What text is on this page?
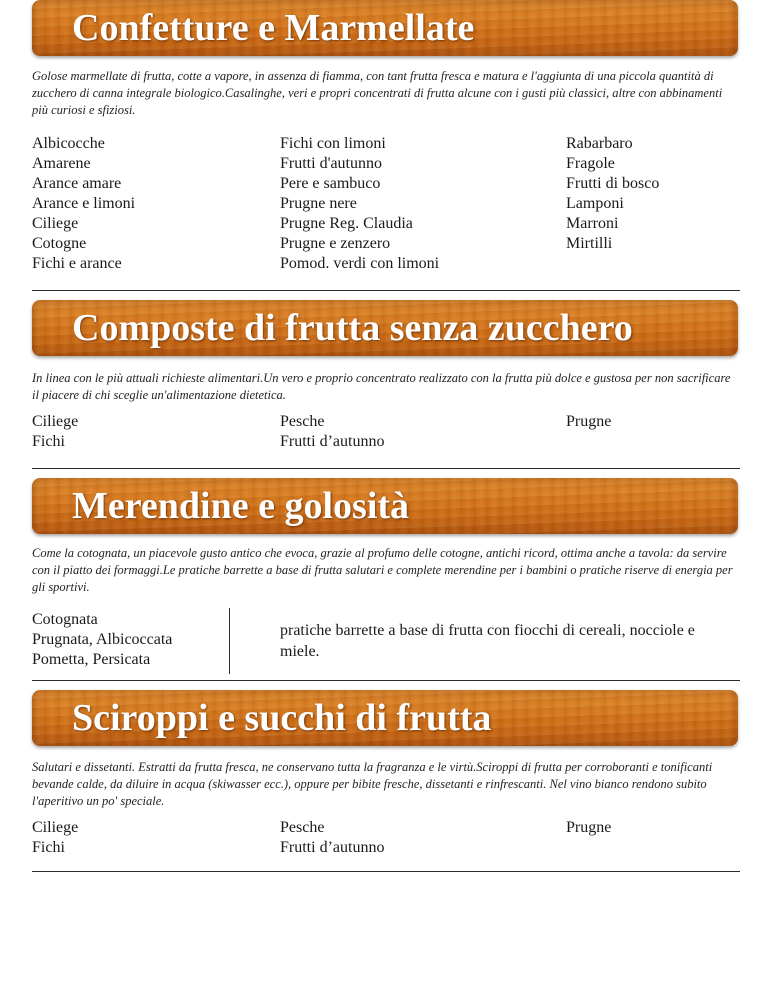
Confetture e Marmellate

Golose marmellate di frutta, cotte a vapore, in assenza di fiamma, con tant frutta fresca e matura e l'aggiunta di una piccola quantità di zucchero di canna integrale biologico.Casalinghe, veri e propri concentrati di frutta alcune con i gusti più classici, altre con abbinamenti più curiosi e sfiziosi.

Albicocche
Amarene
Arance amare
Arance e limoni
Ciliege
Cotogne
Fichi e arance
Fichi con limoni
Frutti d'autunno
Pere e sambuco
Prugne nere
Prugne Reg. Claudia
Prugne e zenzero
Pomod. verdi con limoni
Rabarbaro
Fragole
Frutti di bosco
Lamponi
Marroni
Mirtilli
Composte di frutta senza zucchero

In linea con le più attuali richieste alimentari.Un vero e proprio concentrato realizzato con la frutta più dolce e gustosa per non sacrificare il piacere di chi sceglie un'alimentazione dietetica.

Ciliege
Fichi
Pesche
Frutti d’autunno
Prugne
Merendine e golosità

Come la cotognata, un piacevole gusto antico che evoca, grazie al profumo delle cotogne, antichi ricord, ottima anche a tavola: da servire con il piatto dei formaggi.Le pratiche barrette a base di frutta salutari e complete merendine per i bambini o pratiche riserve di energia per gli sportivi.

Cotognata
Prugnata, Albicoccata
Pometta, Persicata

pratiche barrette a base di frutta con fiocchi di cereali, nocciole e miele.

Sciroppi e succhi di frutta

Salutari e dissetanti. Estratti da frutta fresca, ne conservano tutta la fragranza e le virtù.Sciroppi di frutta per corroboranti e tonificanti bevande calde, da diluire in acqua (skiwasser ecc.), oppure per bibite fresche, dissetanti e rinfrescanti. Nel vino bianco rendono subito l'aperitivo un po' speciale.

Ciliege
Fichi
Pesche
Frutti d’autunno
Prugne
